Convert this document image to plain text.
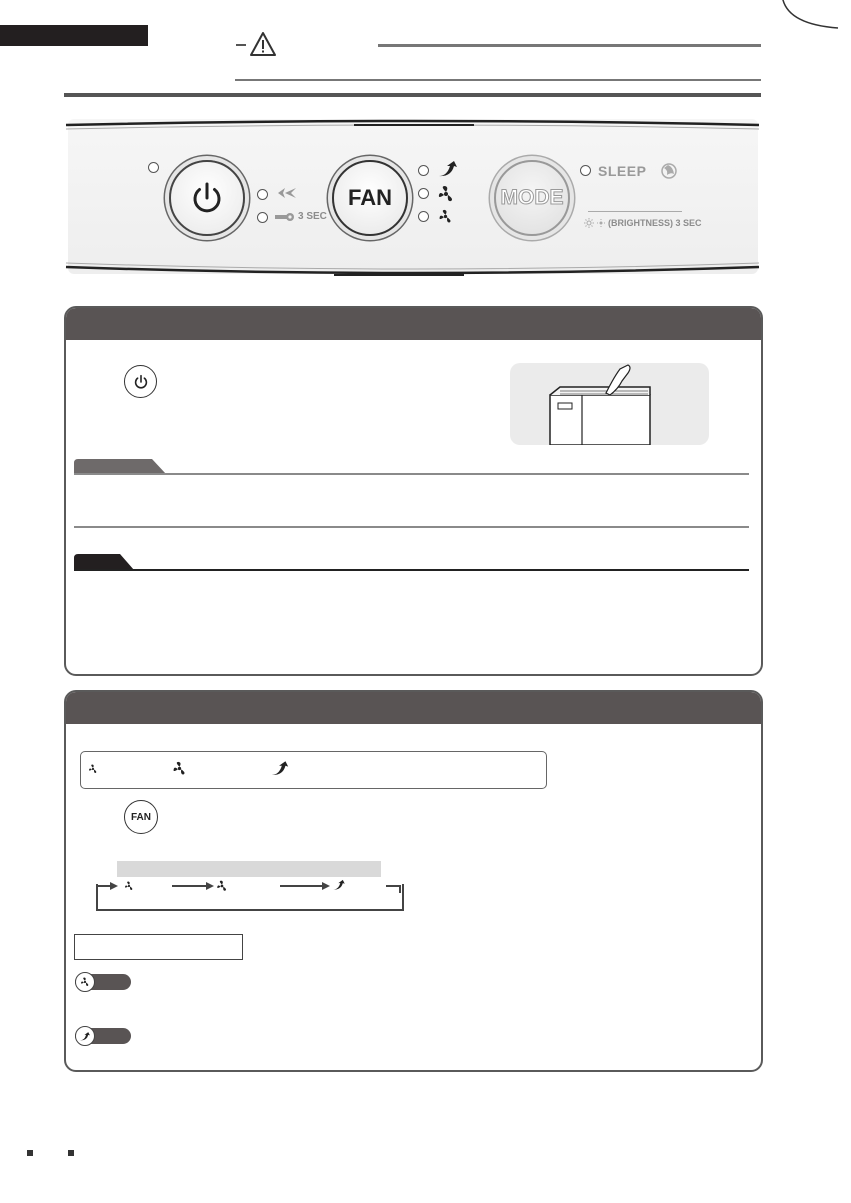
3 SEC
FAN	MODE
SLEEP
(BRIGHTNESS) 3 SEC
FAN
